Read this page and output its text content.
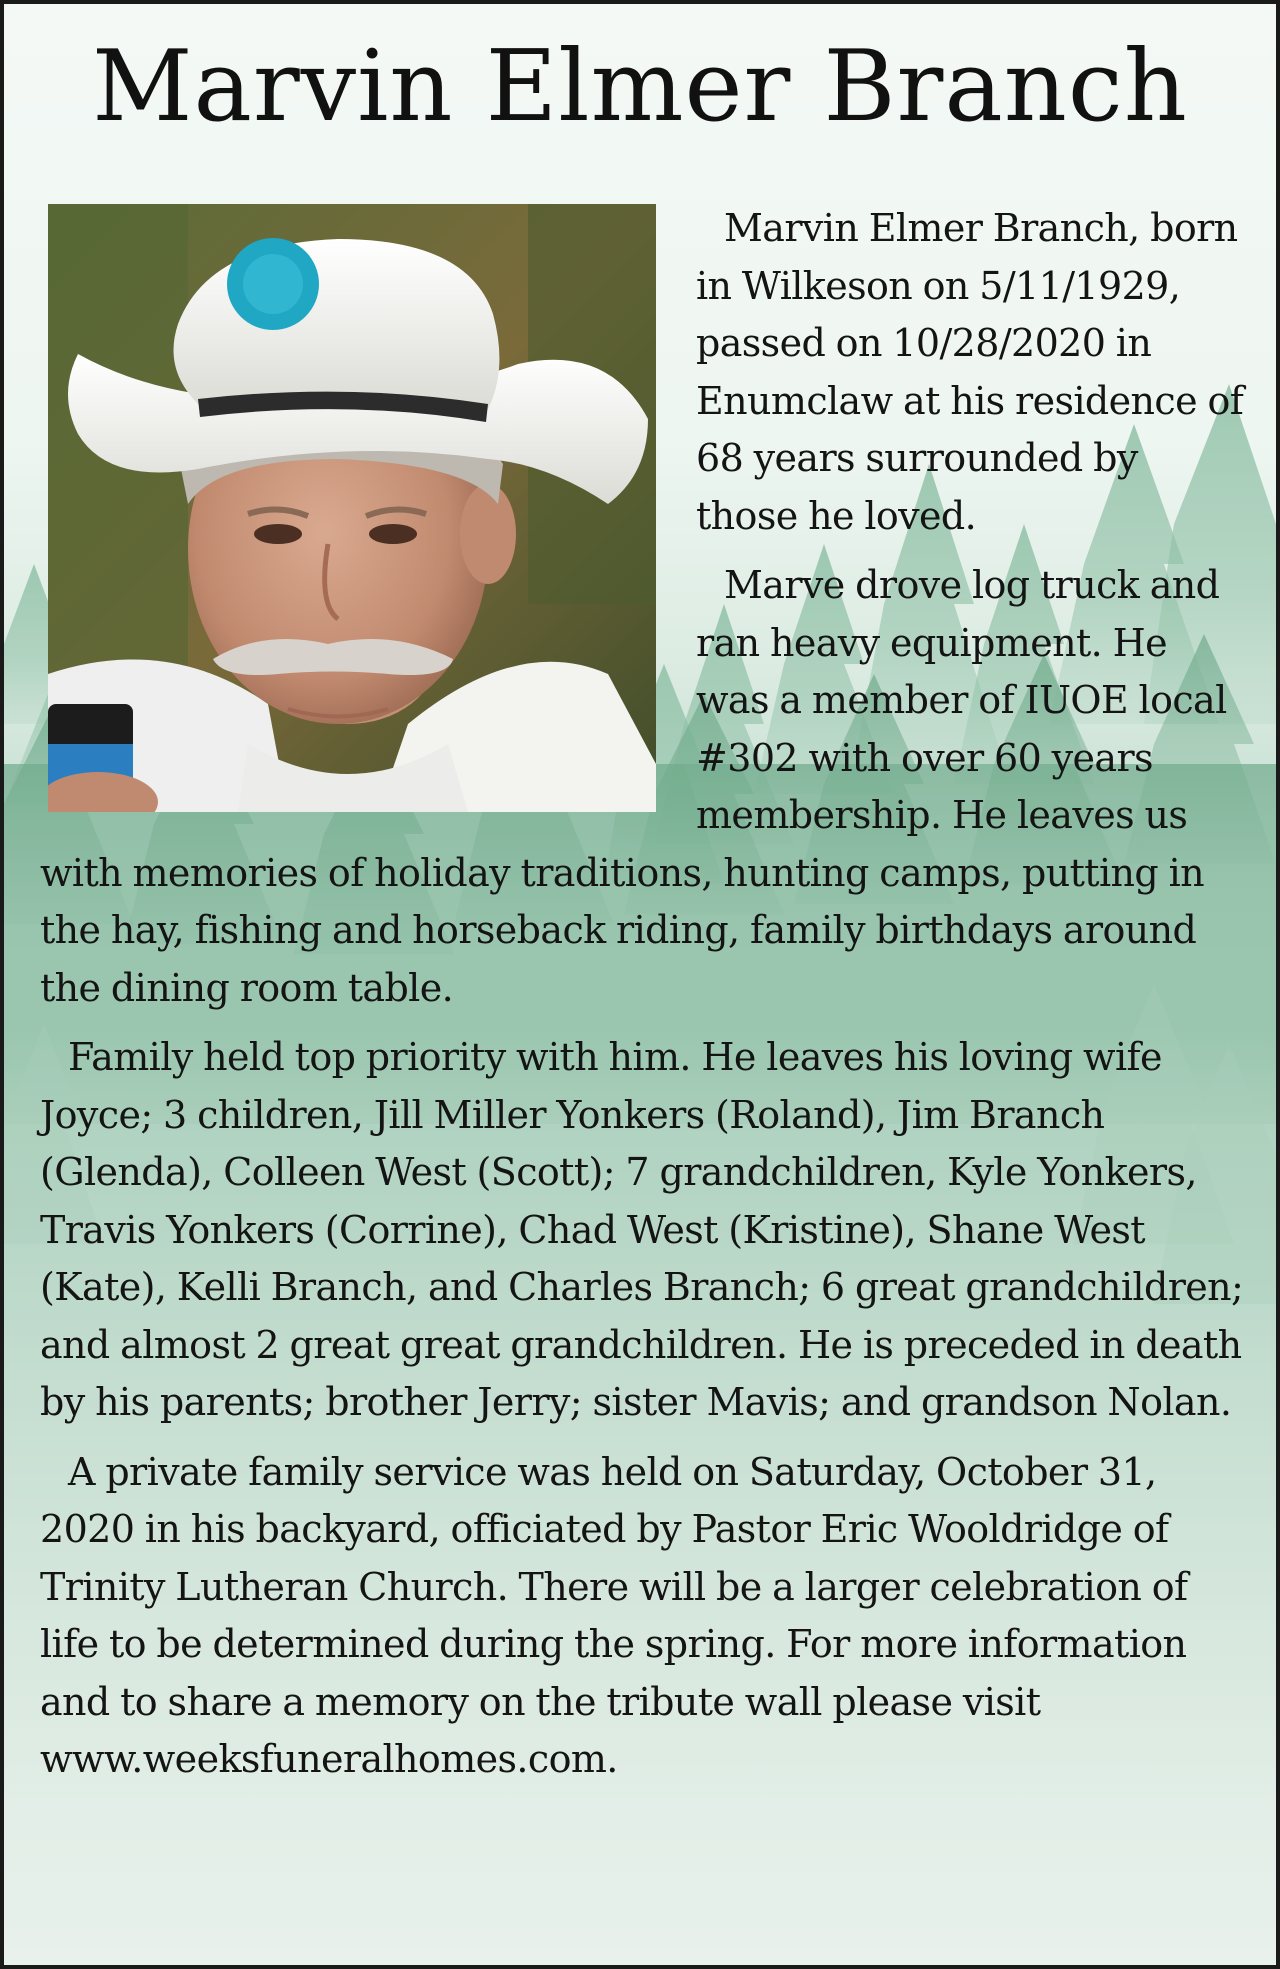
Marvin Elmer Branch

Marvin Elmer Branch, born in Wilkeson on 5/11/1929, passed on 10/28/2020 in Enumclaw at his residence of 68 years surrounded by those he loved.

Marve drove log truck and ran heavy equipment. He was a member of IUOE local #302 with over 60 years membership. He leaves us with memories of holiday traditions, hunting camps, putting in the hay, fishing and horseback riding, family birthdays around the dining room table.

Family held top priority with him. He leaves his loving wife Joyce; 3 children, Jill Miller Yonkers (Roland), Jim Branch (Glenda), Colleen West (Scott); 7 grandchildren, Kyle Yonkers, Travis Yonkers (Corrine), Chad West (Kristine), Shane West (Kate), Kelli Branch, and Charles Branch; 6 great grandchildren; and almost 2 great great grandchildren. He is preceded in death by his parents; brother Jerry; sister Mavis; and grandson Nolan.

A private family service was held on Saturday, October 31, 2020 in his backyard, officiated by Pastor Eric Wooldridge of Trinity Lutheran Church. There will be a larger celebration of life to be determined during the spring. For more information and to share a memory on the tribute wall please visit www.weeksfuneralhomes.com.
